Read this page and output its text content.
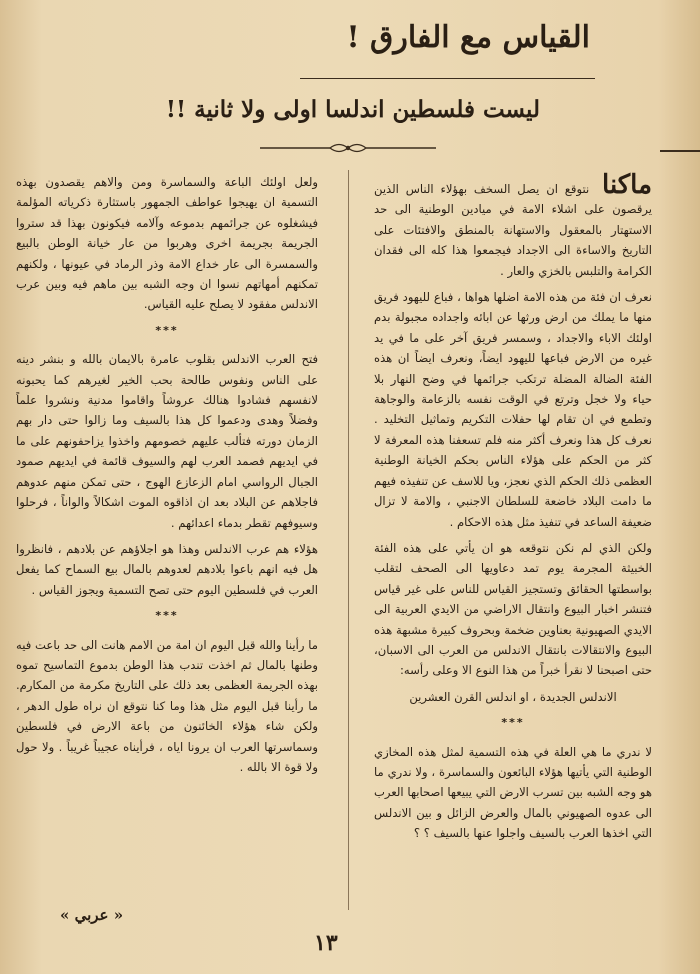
القياس مع الفارق !
ليست فلسطين اندلسا اولى ولا ثانية !!

ماكنا نتوقع ان يصل السخف بهؤلاء الناس الذين يرقصون على اشلاء الامة في ميادين الوطنية الى حد الاستهتار بالمعقول والاستهانة بالمنطق والافتئات على التاريخ والاساءة الى الاجداد فيجمعوا هذا كله الى فقدان الكرامة والتلبس بالخزي والعار .

نعرف ان فئة من هذه الامة اضلها هواها ، فباع لليهود فريق منها ما يملك من ارض ورثها عن ابائه واجداده مجبولة بدم اولئك الاباء والاجداد ، وسمسر فريق آخر على ما في يد غيره من الارض فباعها لليهود ايضاً، ونعرف ايضاً ان هذه الفئة الضالة المضلة ترتكب جرائمها في وضح النهار بلا حياء ولا خجل وترتع في الوقت نفسه بالزعامة والوجاهة وتطمع في ان تقام لها حفلات التكريم وتماثيل التخليد . نعرف كل هذا ونعرف أكثر منه فلم تسعفنا هذه المعرفة لا كثر من الحكم على هؤلاء الناس بحكم الخيانة الوطنية العظمى ذلك الحكم الذي نعجز، ويا للاسف عن تنفيذه فيهم ما دامت البلاد خاضعة للسلطان الاجنبي ، والامة لا تزال ضعيفة الساعد في تنفيذ مثل هذه الاحكام .

ولكن الذي لم نكن نتوقعه هو ان يأتي على هذه الفئة الخبيثة المجرمة يوم تمد دعاويها الى الصحف لتقلب بواسطتها الحقائق وتستجيز القياس للناس على غير قياس فتنشر اخبار البيوع وانتقال الاراضي من الايدي العربية الى الايدي الصهيونية بعناوين ضخمة وبحروف كبيرة مشبهة هذه البيوع والانتقالات بانتقال الاندلس من العرب الى الاسبان، حتى اصبحنا لا نقرأ خبراً من هذا النوع الا وعلى رأسه:

الاندلس الجديدة ، او اندلس القرن العشرين

***

لا ندري ما هي العلة في هذه التسمية لمثل هذه المخازي الوطنية التي يأتيها هؤلاء البائعون والسماسرة ، ولا ندري ما هو وجه الشبه بين تسرب الارض التي يبيعها اصحابها العرب الى عدوه الصهيوني بالمال والعرض الزائل و بين الاندلس التي اخذها العرب بالسيف واجلوا عنها بالسيف ؟ ؟

ولعل اولئك الباعة والسماسرة ومن والاهم يقصدون بهذه التسمية ان يهيجوا عواطف الجمهور باستثارة ذكرياته المؤلمة فيشغلوه عن جرائمهم بدموعه وآلامه فيكونون بهذا قد ستروا الجريمة بجريمة اخرى وهربوا من عار خيانة الوطن بالبيع والسمسرة الى عار خداع الامة وذر الرماد في عيونها ، ولكنهم تمكنهم أمهاتهم نسوا ان وجه الشبه بين ماهم فيه وبين عرب الاندلس مفقود لا يصلح عليه القياس.

***

فتح العرب الاندلس بقلوب عامرة بالايمان بالله و بنشر دينه على الناس ونفوس طالحة بحب الخير لغيرهم كما يحبونه لانفسهم فشادوا هنالك عروشاً واقاموا مدنية ونشروا علماً وفضلاً وهدى ودعموا كل هذا بالسيف وما زالوا حتى دار بهم الزمان دورته فتألب عليهم خصومهم واخذوا يزاحفونهم على ما في ايديهم فصمد العرب لهم والسيوف قائمة في ايديهم صمود الجبال الرواسي امام الزعازع الهوج ، حتى تمكن منهم عدوهم فاجلاهم عن البلاد بعد ان اذاقوه الموت اشكالاً والواناً ، فرحلوا وسيوفهم تقطر بدماء اعدائهم .

هؤلاء هم عرب الاندلس وهذا هو اجلاؤهم عن بلادهم ، فانظروا هل فيه انهم باعوا بلادهم لعدوهم بالمال بيع السماح كما يفعل العرب في فلسطين اليوم حتى تصح التسمية ويجوز القياس .

***

ما رأينا والله قبل اليوم ان امة من الامم هانت الى حد باعت فيه وطنها بالمال ثم اخذت تندب هذا الوطن بدموع التماسيح تموه بهذه الجريمة العظمى بعد ذلك على التاريخ مكرمة من المكارم. ما رأينا قبل اليوم مثل هذا وما كنا نتوقع ان نراه طول الدهر ، ولكن شاء هؤلاء الخائنون من باعة الارض في فلسطين وسماسرتها العرب ان يرونا اياه ، فرأيناه عجيباً غريباً . ولا حول ولا قوة الا بالله .

« عربي »
١٣
